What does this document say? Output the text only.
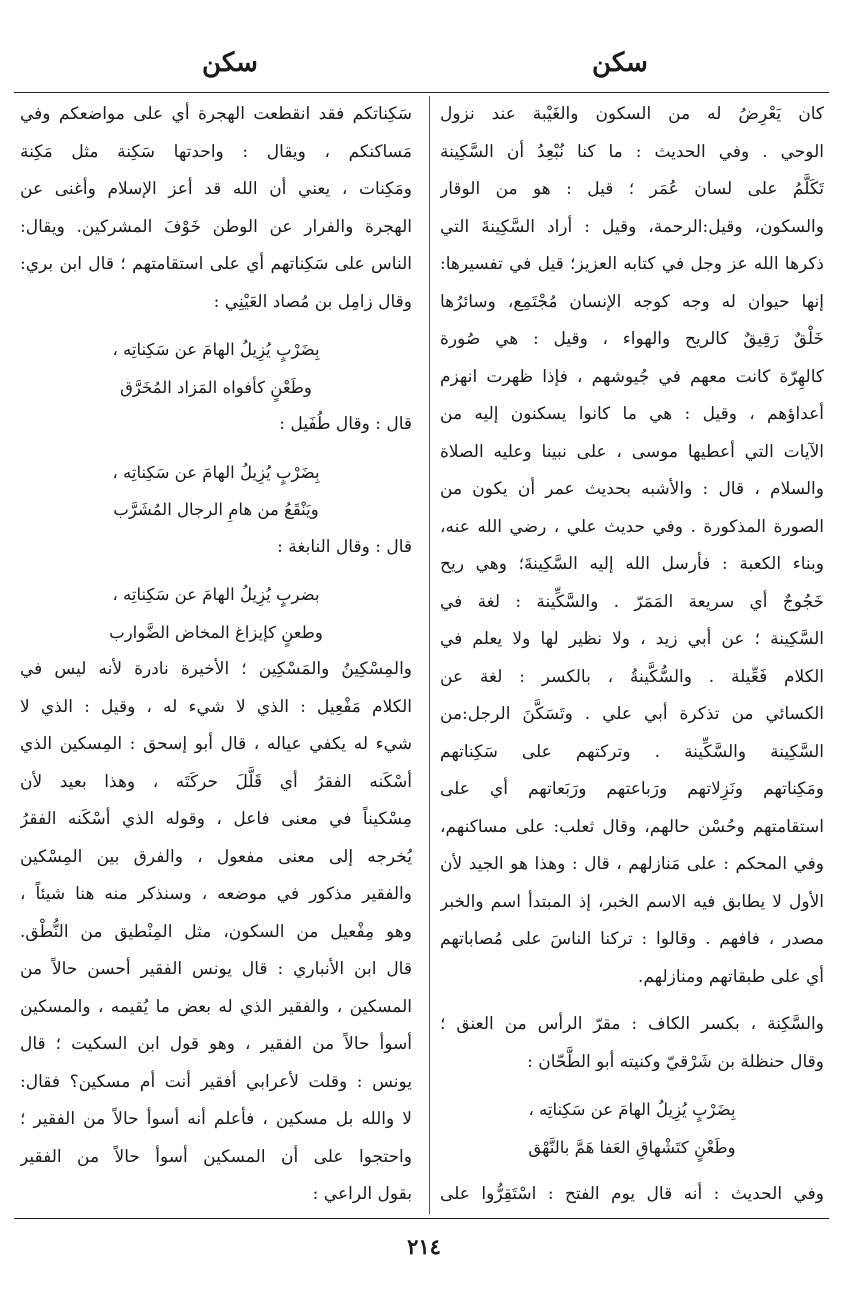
سكن
سكن
كان يَعْرِضُ له من السكون والغَيْبة عند نزول
الوحي . وفي الحديث : ما كنا نُبْعِدُ أن السَّكِينة
تَكَلَّمُ على لسان عُمَر ؛ قيل : هو من الوقار
والسكون، وقيل:الرحمة، وقيل : أراد السَّكِينةَ التي
ذكرها الله عز وجل في كتابه العزيز؛ قيل في تفسيرها:
إنها حيوان له وجه كوجه الإنسان مُجْتَمِع، وسائرُها
خَلْقٌ رَقِيقٌ كالريح والهواء ، وقيل : هي صُورة
كالهِرّة كانت معهم في جُيوشهم ، فإذا ظهرت انهزم
أعداؤهم ، وقيل : هي ما كانوا يسكنون إليه من
الآيات التي أعطيها موسى ، على نبينا وعليه الصلاة
والسلام ، قال : والأشبه بحديث عمر أن يكون من
الصورة المذكورة . وفي حديث علي ، رضي الله عنه،
وبناء الكعبة : فأرسل الله إليه السَّكِينةَ؛ وهي ريح
خَجُوجٌ أي سريعة المَمَرّ . والسَّكِّينة : لغة في
السَّكِينة ؛ عن أبي زيد ، ولا نظير لها ولا يعلم في
الكلام فَعِّيلة . والسُّكَّينةُ ، بالكسر : لغة عن
الكسائي من تذكرة أبي علي . وتَسَكَّنَ الرجل:من
السَّكِينة والسَّكِّينة . وتركتهم على سَكِناتهم
ومَكِناتهم ونَزِلاتهم ورَباعتهم ورَبَعاتهم أي على
استقامتهم وحُسْن حالهم، وقال ثعلب: على مساكنهم،
وفي المحكم : على مَنازلهم ، قال : وهذا هو الجيد لأن
الأول لا يطابق فيه الاسم الخبر، إذ المبتدأ اسم والخبر
مصدر ، فافهم . وقالوا : تركنا الناسَ على مُصاباتهم
أي على طبقاتهم ومنازلهم.
والسَّكِنة ، بكسر الكاف : مقرّ الرأس من العنق ؛
وقال حنظلة بن شَرْقيّ وكنيته أبو الطَّحّان :
بِضَرْبٍ يُزِيلُ الهامَ عن سَكِناتِه ،
وطَعْنٍ كتَشْهاقِ العَفا هَمَّ بالنَّهْق
وفي الحديث : أنه قال يوم الفتح : اسْتَقِرُّوا على
سَكِناتكم فقد انقطعت الهجرة أي على مواضعكم وفي
مَساكنكم ، ويقال : واحدتها سَكِنة مثل مَكِنة
ومَكِنات ، يعني أن الله قد أعز الإسلام وأغنى عن
الهجرة والفرار عن الوطن خَوْفَ المشركين. ويقال:
الناس على سَكِناتهم أي على استقامتهم ؛ قال ابن بري:
وقال زامِل بن مُصاد العَيْنِي :
بِضَرْبٍ يُزِيلُ الهامَ عن سَكِناتِه ،
وطَعْنٍ كأفواه المَزاد المُخَرَّق
قال : وقال طُفَيل :
بِضَرْبٍ يُزِيلُ الهامَ عن سَكِناتِه ،
ويَنْقَعُ من هامِ الرجال المُشَرَّب
قال : وقال النابغة :
بضربٍ يُزِيلُ الهامَ عن سَكِناتِه ،
وطعنٍ كإيزاغ المخاض الضَّوارب
والمِسْكِينُ والمَسْكِين ؛ الأخيرة نادرة لأنه ليس في
الكلام مَفْعِيل : الذي لا شيء له ، وقيل : الذي لا
شيء له يكفي عياله ، قال أبو إسحق : المِسكين الذي
أسْكَنه الفقرُ أي قَلَّلَ حركَتَه ، وهذا بعيد لأن
مِسْكيناً في معنى فاعل ، وقوله الذي أسْكَنه الفقرُ
يُخرجه إلى معنى مفعول ، والفرق بين المِسْكين
والفقير مذكور في موضعه ، وسنذكر منه هنا شيئاً ،
وهو مِفْعيل من السكون، مثل المِنْطيق من النُّطْق.
قال ابن الأنباري : قال يونس الفقير أحسن حالاً من
المسكين ، والفقير الذي له بعض ما يُقيمه ، والمسكين
أسوأ حالاً من الفقير ، وهو قول ابن السكيت ؛ قال
يونس : وقلت لأعرابي أفقير أنت أم مسكين؟ فقال:
لا والله بل مسكين ، فأعلم أنه أسوأ حالاً من الفقير ؛
واحتجوا على أن المسكين أسوأ حالاً من الفقير
بقول الراعي :
٢١٤
